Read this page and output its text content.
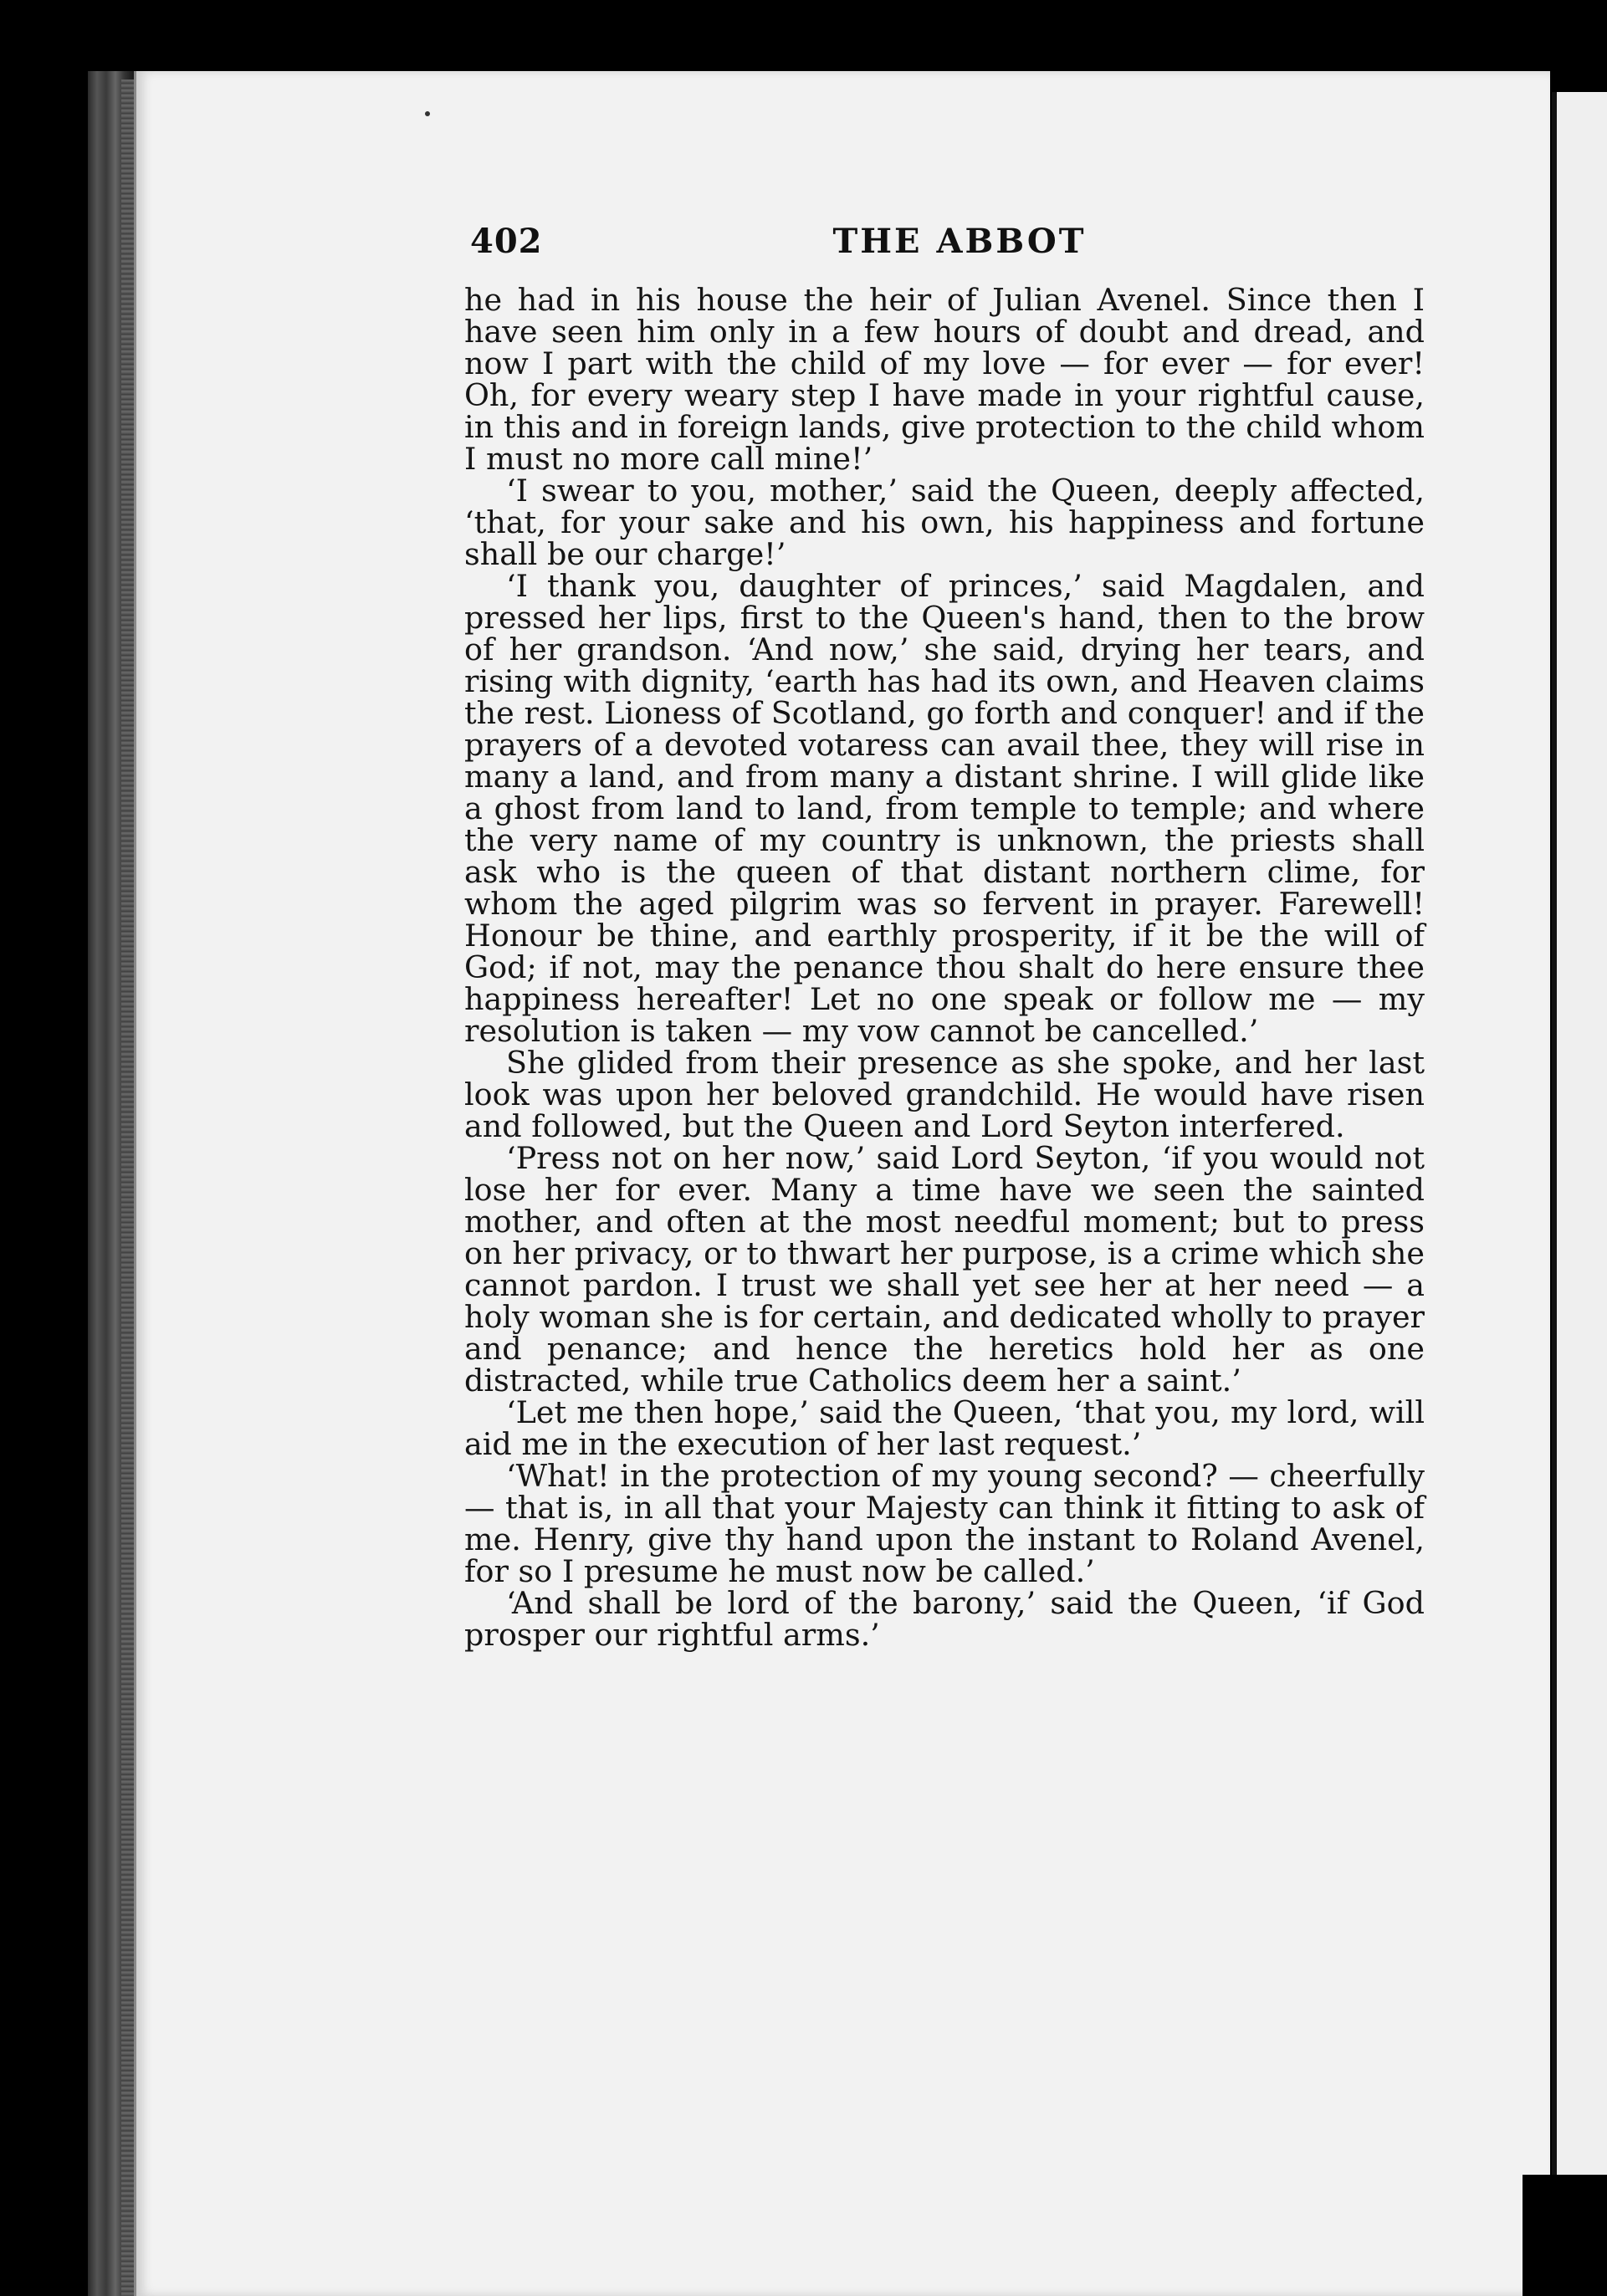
402	THE ABBOT

he had in his house the heir of Julian Avenel. Since then I have seen him only in a few hours of doubt and dread, and now I part with the child of my love — for ever — for ever! Oh, for every weary step I have made in your rightful cause, in this and in foreign lands, give protection to the child whom I must no more call mine!’

‘I swear to you, mother,’ said the Queen, deeply affected, ‘that, for your sake and his own, his happiness and fortune shall be our charge!’

‘I thank you, daughter of princes,’ said Magdalen, and pressed her lips, first to the Queen's hand, then to the brow of her grandson. ‘And now,’ she said, drying her tears, and rising with dignity, ‘earth has had its own, and Heaven claims the rest. Lioness of Scotland, go forth and conquer! and if the prayers of a devoted votaress can avail thee, they will rise in many a land, and from many a distant shrine. I will glide like a ghost from land to land, from temple to temple; and where the very name of my country is unknown, the priests shall ask who is the queen of that distant northern clime, for whom the aged pilgrim was so fervent in prayer. Farewell! Honour be thine, and earthly prosperity, if it be the will of God; if not, may the penance thou shalt do here ensure thee happiness hereafter! Let no one speak or follow me — my resolution is taken — my vow cannot be cancelled.’

She glided from their presence as she spoke, and her last look was upon her beloved grandchild. He would have risen and followed, but the Queen and Lord Seyton interfered.

‘Press not on her now,’ said Lord Seyton, ‘if you would not lose her for ever. Many a time have we seen the sainted mother, and often at the most needful moment; but to press on her privacy, or to thwart her purpose, is a crime which she cannot pardon. I trust we shall yet see her at her need — a holy woman she is for certain, and dedicated wholly to prayer and penance; and hence the heretics hold her as one distracted, while true Catholics deem her a saint.’

‘Let me then hope,’ said the Queen, ‘that you, my lord, will aid me in the execution of her last request.’

‘What! in the protection of my young second? — cheerfully — that is, in all that your Majesty can think it fitting to ask of me. Henry, give thy hand upon the instant to Roland Avenel, for so I presume he must now be called.’

‘And shall be lord of the barony,’ said the Queen, ‘if God prosper our rightful arms.’
